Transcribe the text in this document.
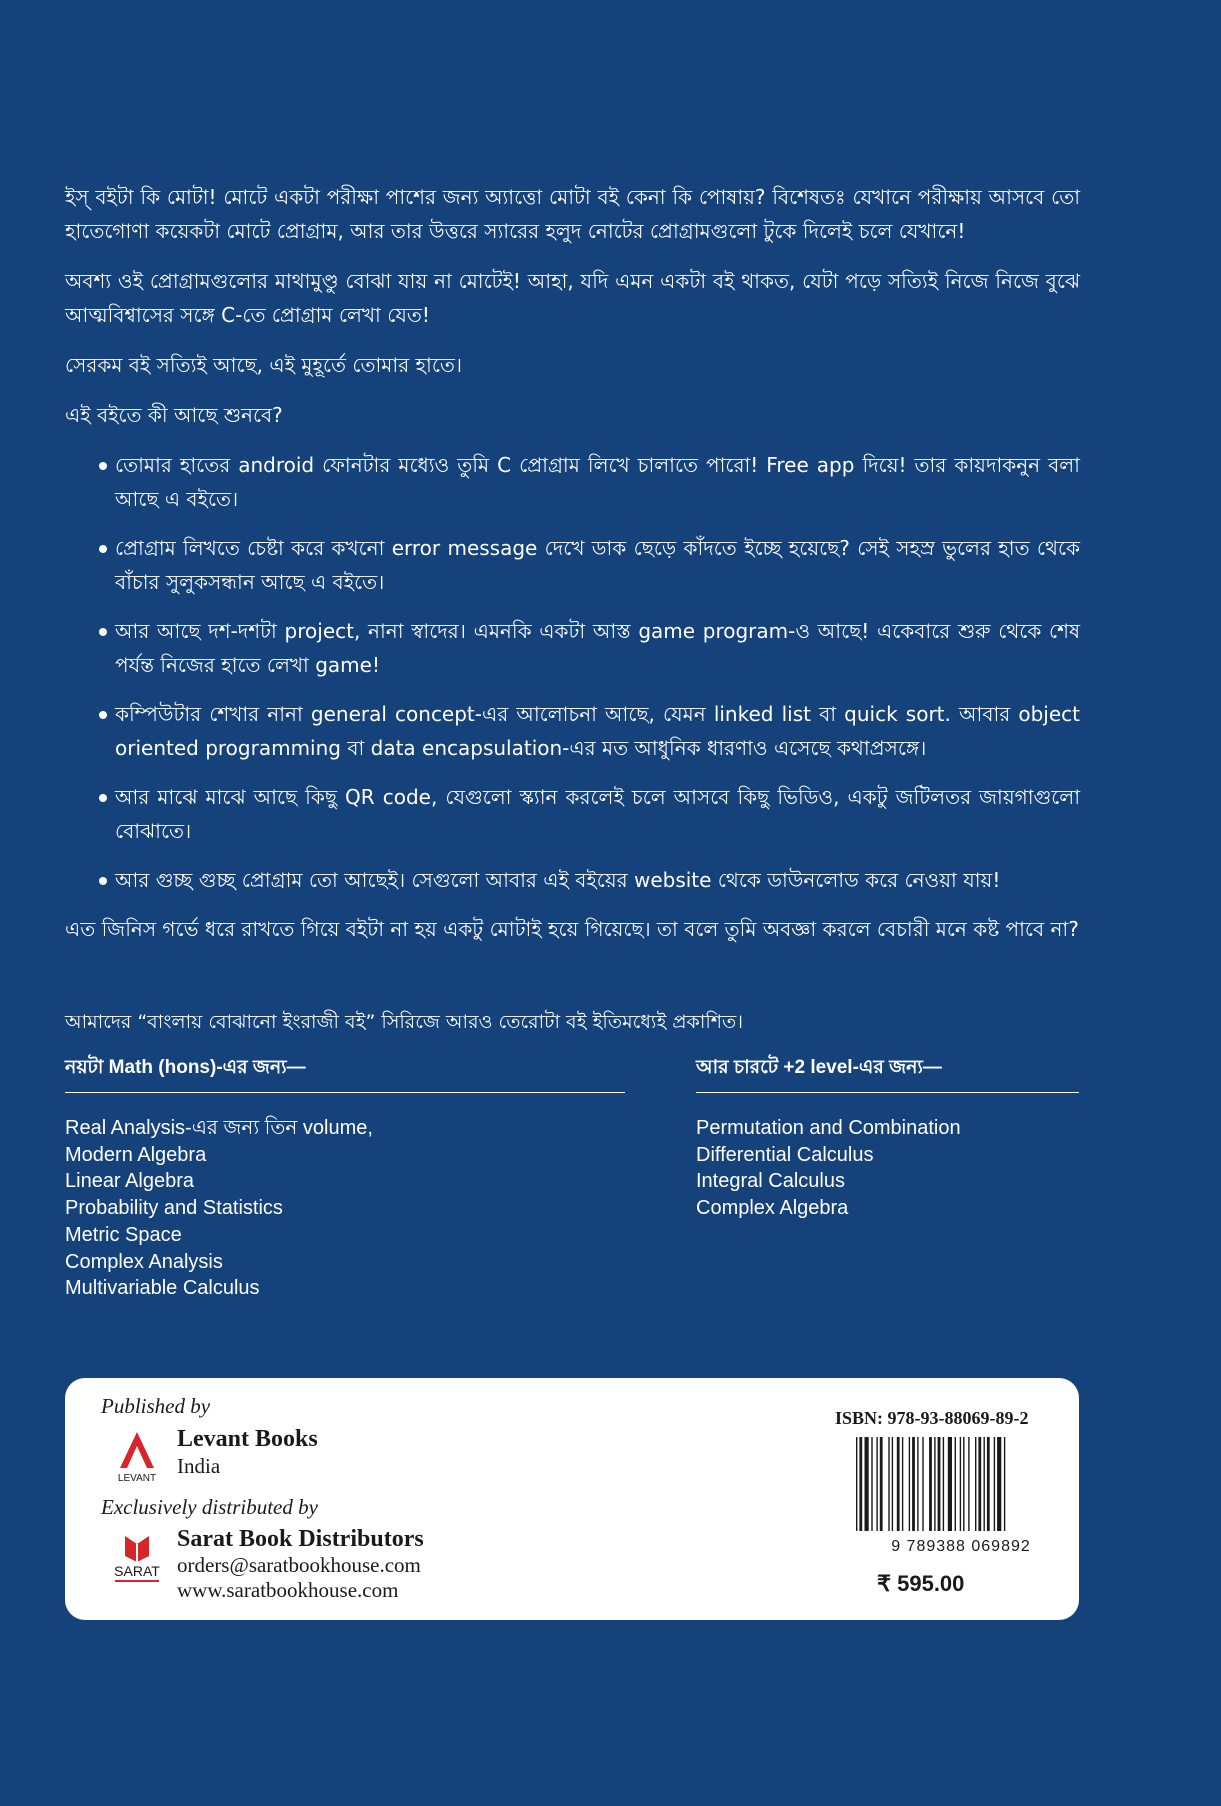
ইস্ বইটা কি মোটা! মোটে একটা পরীক্ষা পাশের জন্য অ্যাত্তো মোটা বই কেনা কি পোষায়? বিশেষতঃ যেখানে পরীক্ষায় আসবে তো হাতেগোণা কয়েকটা মোটে প্রোগ্রাম, আর তার উত্তরে স্যারের হলুদ নোটের প্রোগ্রামগুলো টুকে দিলেই চলে যেখানে!

অবশ্য ওই প্রোগ্রামগুলোর মাথামুণ্ডু বোঝা যায় না মোটেই! আহা, যদি এমন একটা বই থাকত, যেটা পড়ে সত্যিই নিজে নিজে বুঝে আত্মবিশ্বাসের সঙ্গে C-তে প্রোগ্রাম লেখা যেত!

সেরকম বই সত্যিই আছে, এই মুহূর্তে তোমার হাতে।

এই বইতে কী আছে শুনবে?

তোমার হাতের android ফোনটার মধ্যেও তুমি C প্রোগ্রাম লিখে চালাতে পারো! Free app দিয়ে! তার কায়দাকনুন বলা আছে এ বইতে।
প্রোগ্রাম লিখতে চেষ্টা করে কখনো error message দেখে ডাক ছেড়ে কাঁদতে ইচ্ছে হয়েছে? সেই সহস্র ভুলের হাত থেকে বাঁচার সুলুকসন্ধান আছে এ বইতে।
আর আছে দশ-দশটা project, নানা স্বাদের। এমনকি একটা আস্ত game program-ও আছে! একেবারে শুরু থেকে শেষ পর্যন্ত নিজের হাতে লেখা game!
কম্পিউটার শেখার নানা general concept-এর আলোচনা আছে, যেমন linked list বা quick sort. আবার object oriented programming বা data encapsulation-এর মত আধুনিক ধারণাও এসেছে কথাপ্রসঙ্গে।
আর মাঝে মাঝে আছে কিছু QR code, যেগুলো স্ক্যান করলেই চলে আসবে কিছু ভিডিও, একটু জটিলতর জায়গাগুলো বোঝাতে।
আর গুচ্ছ গুচ্ছ প্রোগ্রাম তো আছেই। সেগুলো আবার এই বইয়ের website থেকে ডাউনলোড করে নেওয়া যায়!

এত জিনিস গর্ভে ধরে রাখতে গিয়ে বইটা না হয় একটু মোটাই হয়ে গিয়েছে। তা বলে তুমি অবজ্ঞা করলে বেচারী মনে কষ্ট পাবে না?

আমাদের “বাংলায় বোঝানো ইংরাজী বই” সিরিজে আরও তেরোটা বই ইতিমধ্যেই প্রকাশিত।
নয়টা Math (hons)-এর জন্য—
Real Analysis-এর জন্য তিন volume,
Modern Algebra
Linear Algebra
Probability and Statistics
Metric Space
Complex Analysis
Multivariable Calculus
আর চারটে +2 level-এর জন্য—
Permutation and Combination
Differential Calculus
Integral Calculus
Complex Algebra
Published by
LEVANT
Levant Books
India
Exclusively distributed by
SARAT
Sarat Book Distributors
orders@saratbookhouse.com
www.saratbookhouse.com
ISBN: 978-93-88069-89-2
9 789388 069892
₹ 595.00
